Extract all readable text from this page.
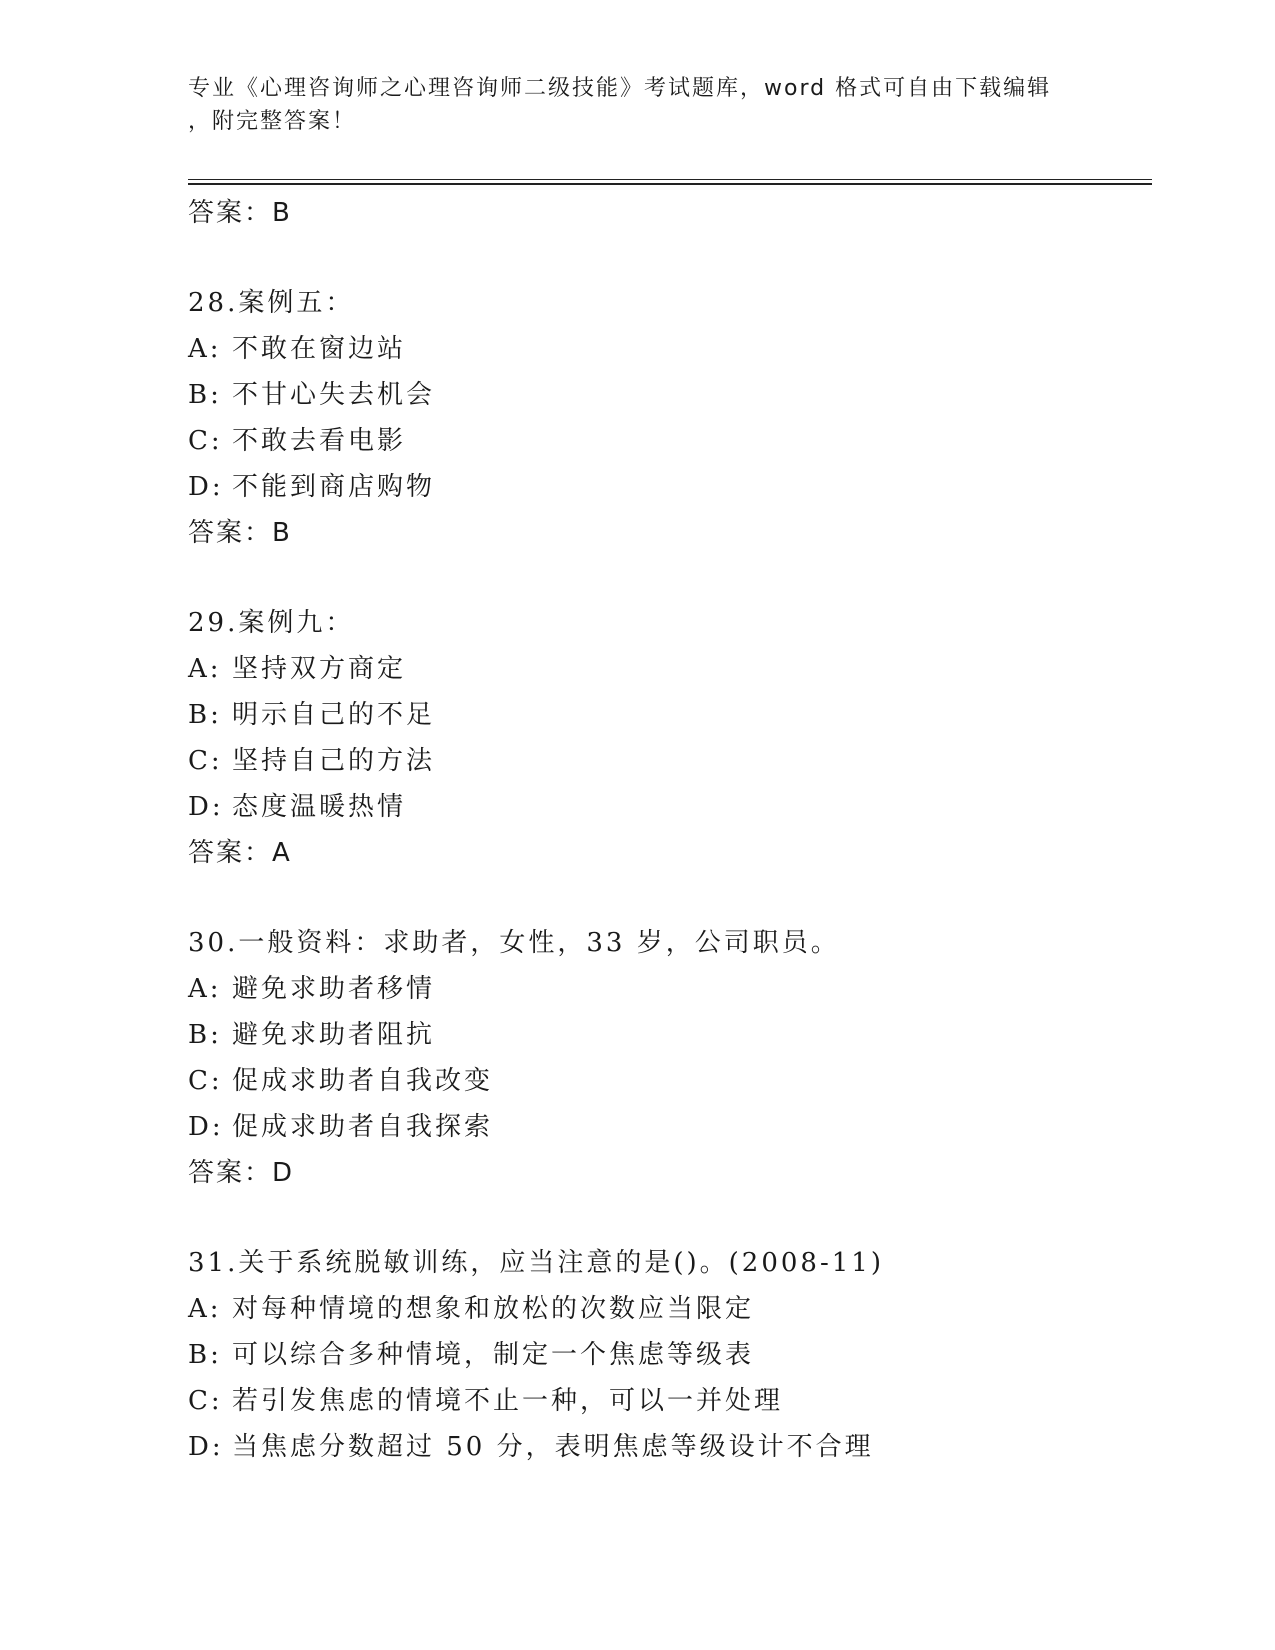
专业《心理咨询师之心理咨询师二级技能》考试题库，word 格式可自由下载编辑
，附完整答案！
答案：B
28.案例五：
A: 不敢在窗边站
B: 不甘心失去机会
C: 不敢去看电影
D: 不能到商店购物
答案：B
29.案例九：
A: 坚持双方商定
B: 明示自己的不足
C: 坚持自己的方法
D: 态度温暖热情
答案：A
30.一般资料：求助者，女性，33 岁，公司职员。
A: 避免求助者移情
B: 避免求助者阻抗
C: 促成求助者自我改变
D: 促成求助者自我探索
答案：D
31.关于系统脱敏训练，应当注意的是()。(2008-11)
A: 对每种情境的想象和放松的次数应当限定
B: 可以综合多种情境，制定一个焦虑等级表
C: 若引发焦虑的情境不止一种，可以一并处理
D: 当焦虑分数超过 50 分，表明焦虑等级设计不合理
